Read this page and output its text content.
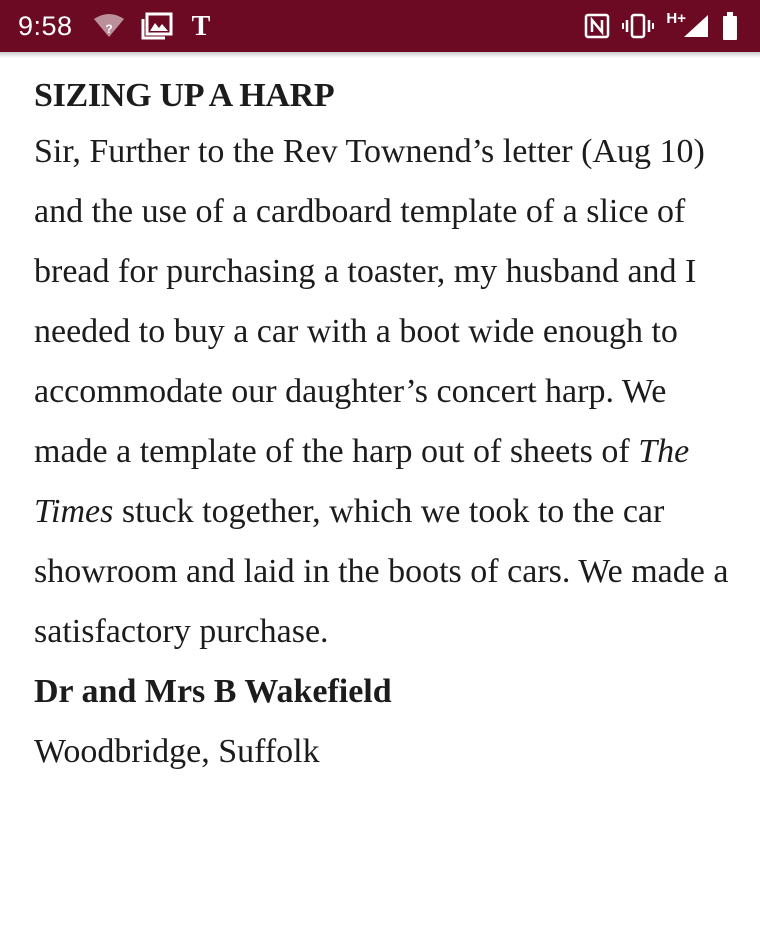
9:58	?	T	H+
SIZING UP A HARP

Sir, Further to the Rev Townend’s letter (Aug 10) and the use of a cardboard template of a slice of bread for purchasing a toaster, my husband and I needed to buy a car with a boot wide enough to accommodate our daughter’s concert harp. We made a template of the harp out of sheets of The Times stuck together, which we took to the car showroom and laid in the boots of cars. We made a satisfactory purchase.

Dr and Mrs B Wakefield

Woodbridge, Suffolk
